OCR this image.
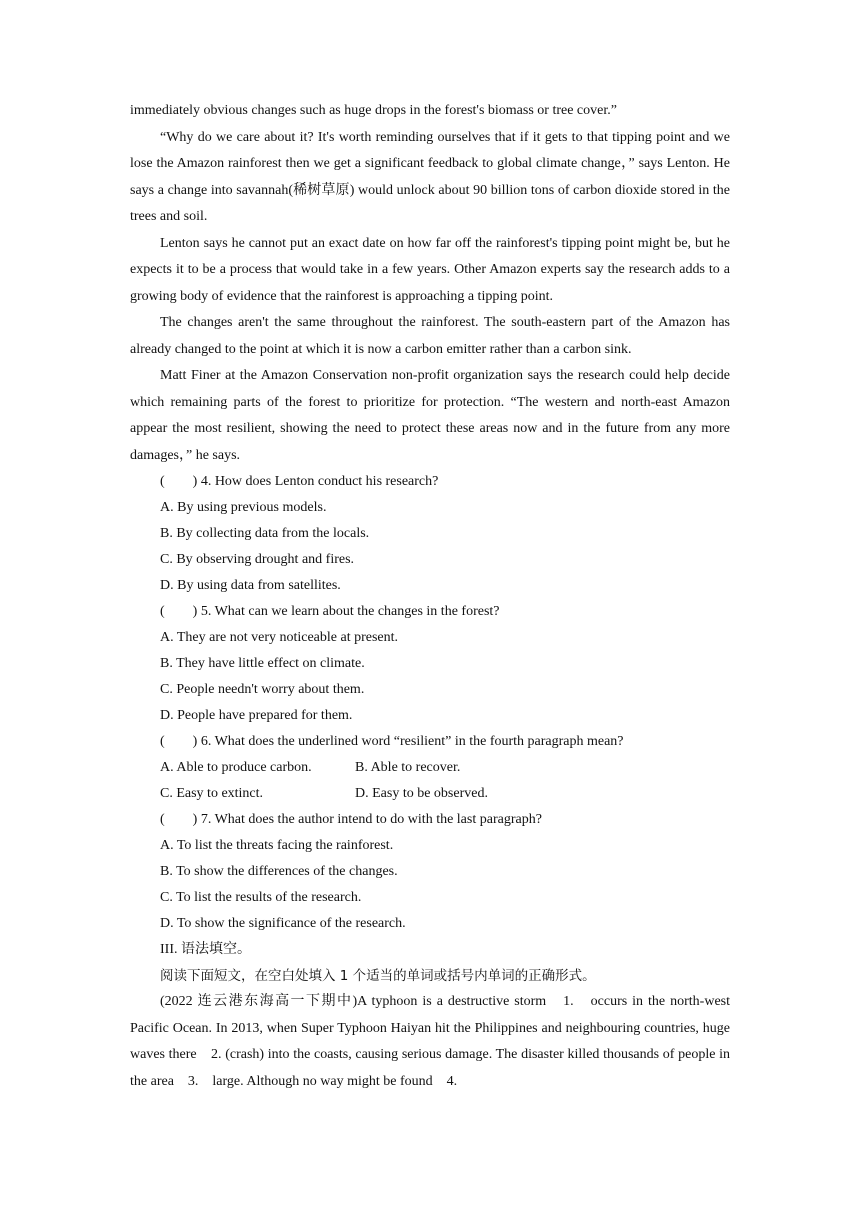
immediately obvious changes such as huge drops in the forest's biomass or tree cover.”

“Why do we care about it? It's worth reminding ourselves that if it gets to that tipping point and we lose the Amazon rainforest then we get a significant feedback to global climate change，” says Lenton. He says a change into savannah(稀树草原) would unlock about 90 billion tons of carbon dioxide stored in the trees and soil.

Lenton says he cannot put an exact date on how far off the rainforest's tipping point might be, but he expects it to be a process that would take in a few years. Other Amazon experts say the research adds to a growing body of evidence that the rainforest is approaching a tipping point.

The changes aren't the same throughout the rainforest. The south-eastern part of the Amazon has already changed to the point at which it is now a carbon emitter rather than a carbon sink.

Matt Finer at the Amazon Conservation non-profit organization says the research could help decide which remaining parts of the forest to prioritize for protection. “The western and north-east Amazon appear the most resilient, showing the need to protect these areas now and in the future from any more damages，” he says.

(　　) 4. How does Lenton conduct his research?

A. By using previous models.

B. By collecting data from the locals.

C. By observing drought and fires.

D. By using data from satellites.

(　　) 5. What can we learn about the changes in the forest?

A. They are not very noticeable at present.

B. They have little effect on climate.

C. People needn't worry about them.

D. People have prepared for them.

(　　) 6. What does the underlined word “resilient” in the fourth paragraph mean?

A. Able to produce carbon.	B. Able to recover.
C. Easy to extinct.	D. Easy to be observed.

(　　) 7. What does the author intend to do with the last paragraph?

A. To list the threats facing the rainforest.

B. To show the differences of the changes.

C. To list the results of the research.

D. To show the significance of the research.

III. 语法填空。

阅读下面短文，在空白处填入 1 个适当的单词或括号内单词的正确形式。

(2022 连云港东海高一下期中)A typhoon is a destructive storm　1.　occurs in the north-west Pacific Ocean. In 2013, when Super Typhoon Haiyan hit the Philippines and neighbouring countries, huge waves there　2. (crash) into the coasts, causing serious damage. The disaster killed thousands of people in the area　3.　large. Although no way might be found　4.
